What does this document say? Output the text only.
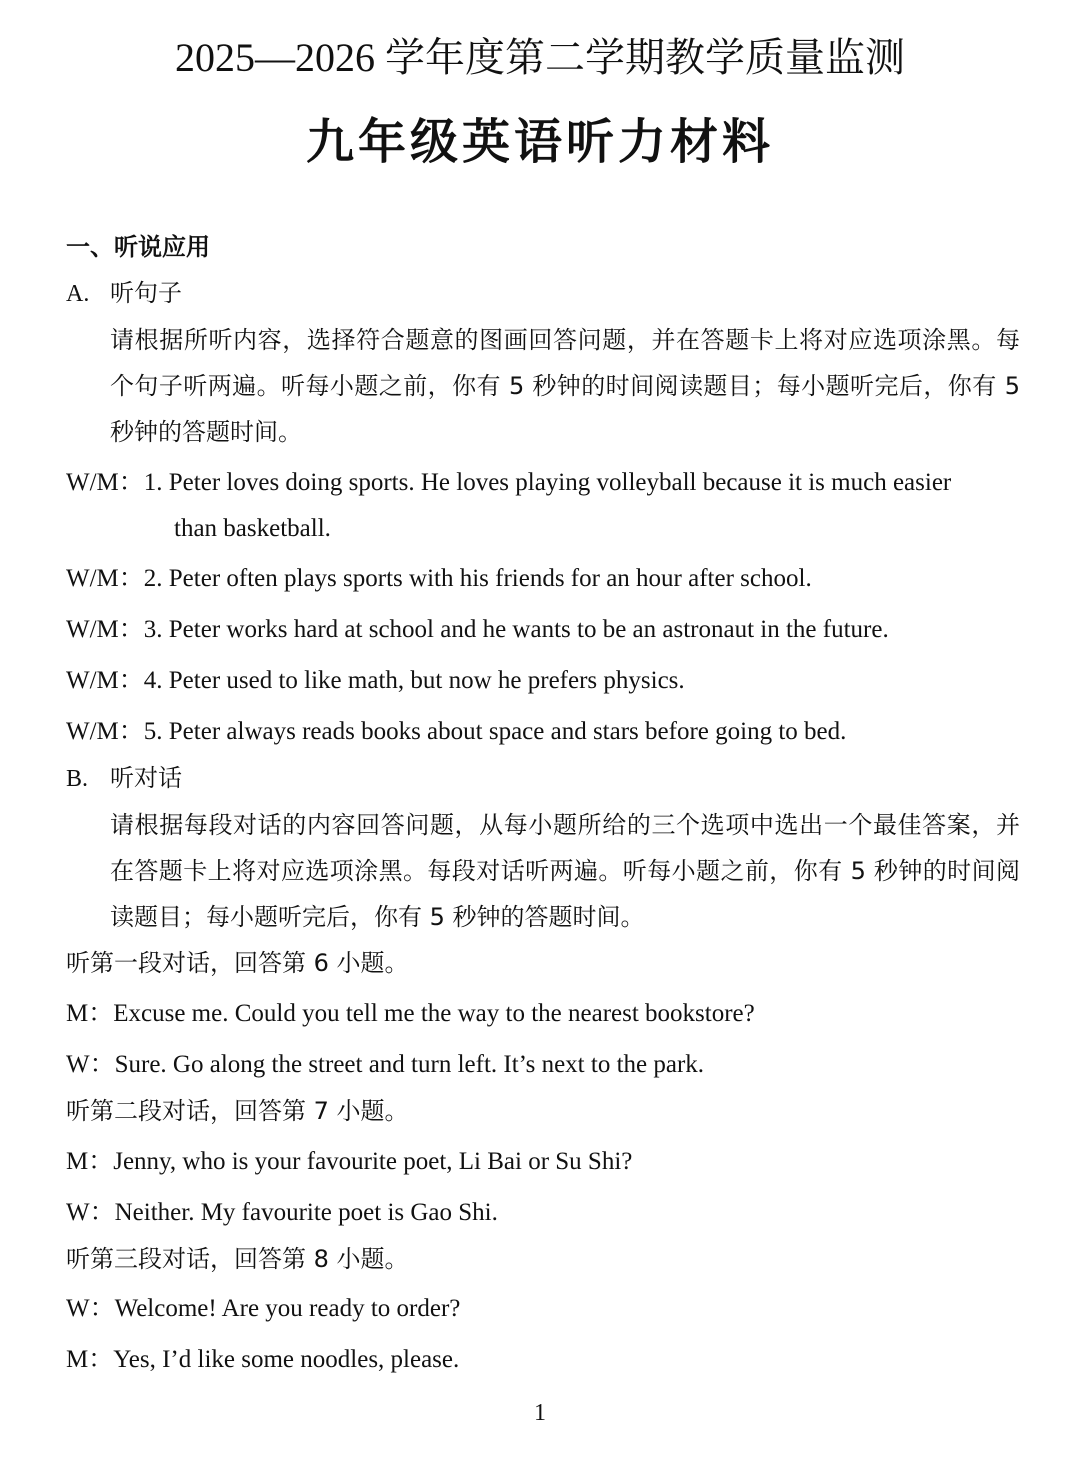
2025—2026 学年度第二学期教学质量监测
九年级英语听力材料
一、听说应用
A. 听句子
请根据所听内容，选择符合题意的图画回答问题，并在答题卡上将对应选项涂黑。每个句子听两遍。听每小题之前，你有 5 秒钟的时间阅读题目；每小题听完后，你有 5 秒钟的答题时间。
W/M：1. Peter loves doing sports. He loves playing volleyball because it is much easier
than basketball.
W/M：2. Peter often plays sports with his friends for an hour after school.
W/M：3. Peter works hard at school and he wants to be an astronaut in the future.
W/M：4. Peter used to like math, but now he prefers physics.
W/M：5. Peter always reads books about space and stars before going to bed.
B. 听对话
请根据每段对话的内容回答问题，从每小题所给的三个选项中选出一个最佳答案，并在答题卡上将对应选项涂黑。每段对话听两遍。听每小题之前，你有 5 秒钟的时间阅读题目；每小题听完后，你有 5 秒钟的答题时间。
听第一段对话，回答第 6 小题。
M：Excuse me. Could you tell me the way to the nearest bookstore?
W：Sure. Go along the street and turn left. It’s next to the park.
听第二段对话，回答第 7 小题。
M：Jenny, who is your favourite poet, Li Bai or Su Shi?
W：Neither. My favourite poet is Gao Shi.
听第三段对话，回答第 8 小题。
W：Welcome! Are you ready to order?
M：Yes, I’d like some noodles, please.
1
